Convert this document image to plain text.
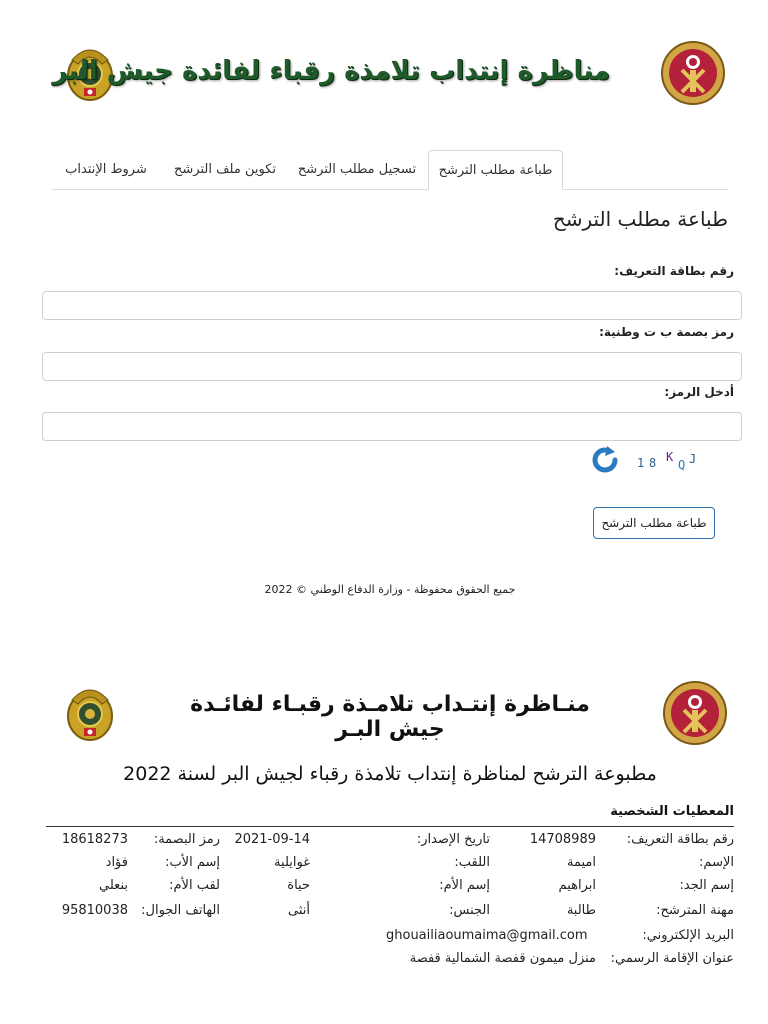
مناظرة إنتداب تلامذة رقباء لفائدة جيش البر
طباعة مطلب الترشح
تسجيل مطلب الترشح
تكوين ملف الترشح
شروط الإنتداب
طباعة مطلب الترشح
رقم بطاقة التعريف:
رمز بصمة ب ت وطنية:
أدخل الرمز:
1 8 K
Q J
طباعة مطلب الترشح
جميع الحقوق محفوظة - وزارة الدفاع الوطني © 2022
منـاظرة إنتـداب تلامـذة رقبـاء لفائـدة جيش البـر
مطبوعة الترشح لمناظرة إنتداب تلامذة رقباء لجيش البر لسنة 2022
المعطيات الشخصية
رقم بطاقة التعريف:
14708989
تاريخ الإصدار:
2021-09-14
رمز البصمة:
18618273
الإسم:
اميمة
اللقب:
غوايلية
إسم الأب:
فؤاد
إسم الجد:
ابراهيم
إسم الأم:
حياة
لقب الأم:
بنعلي
مهنة المترشح:
طالبة
الجنس:
أنثى
الهاتف الجوال:
95810038
البريد الإلكتروني:
ghouailiaoumaima@gmail.com
عنوان الإقامة الرسمي:
منزل ميمون قفصة الشمالية قفصة
